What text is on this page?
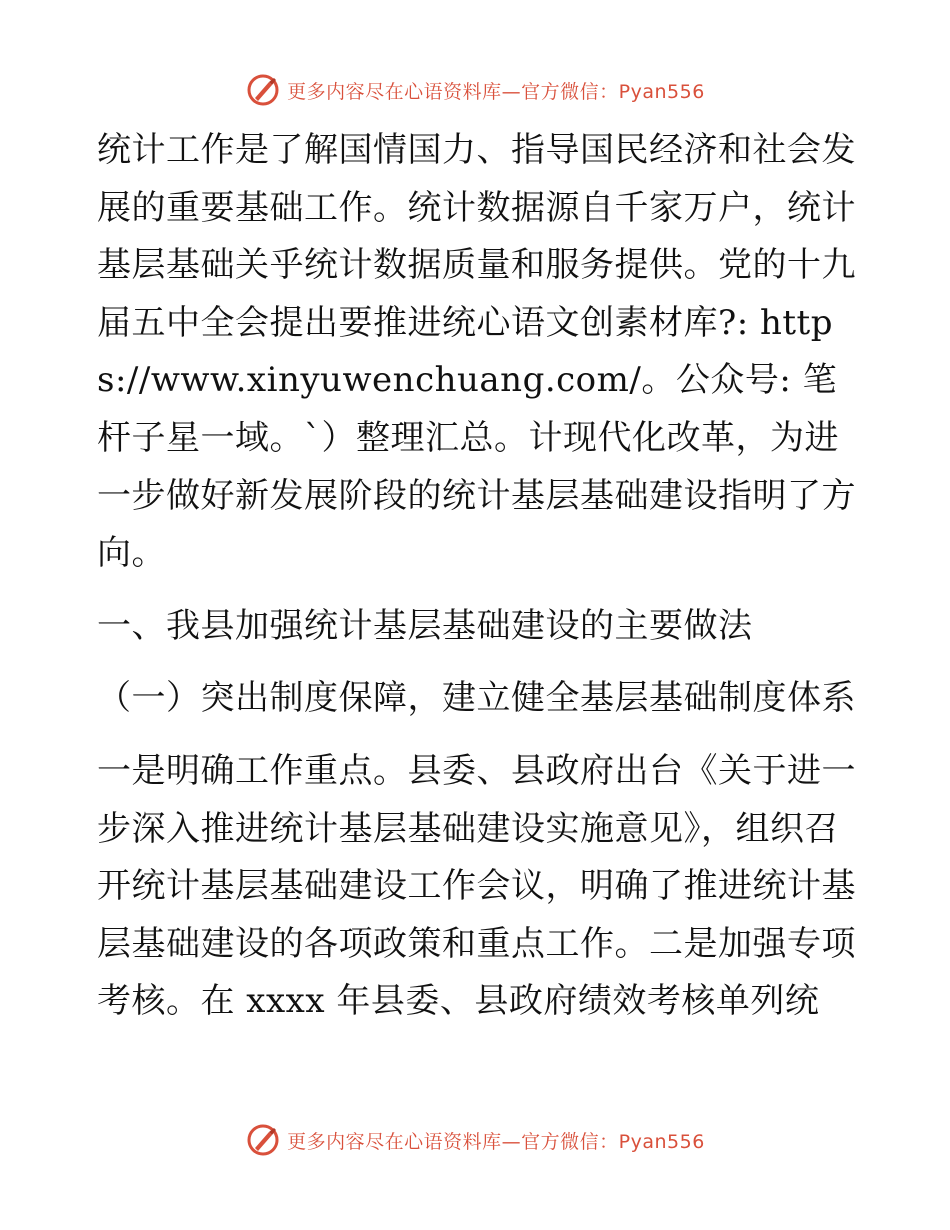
更多内容尽在心语资料库—官方微信：Pyan556

统计工作是了解国情国力、指导国民经济和社会发展的重要基础工作。统计数据源自千家万户，统计基层基础关乎统计数据质量和服务提供。党的十九届五中全会提出要推进统心语文创素材库?: https://www.xinyuwenchuang.com/。公众号: 笔杆子星一域。`）整理汇总。计现代化改革，为进一步做好新发展阶段的统计基层基础建设指明了方向。

一、我县加强统计基层基础建设的主要做法

（一）突出制度保障，建立健全基层基础制度体系

一是明确工作重点。县委、县政府出台《关于进一步深入推进统计基层基础建设实施意见》，组织召开统计基层基础建设工作会议，明确了推进统计基层基础建设的各项政策和重点工作。二是加强专项考核。在 xxxx 年县委、县政府绩效考核单列统

更多内容尽在心语资料库—官方微信：Pyan556
